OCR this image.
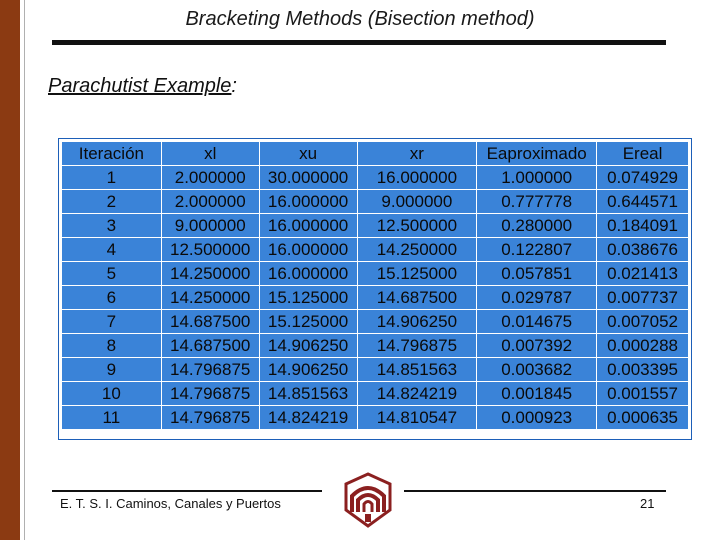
Bracketing Methods (Bisection method)
Parachutist Example:
Iteración	xl	xu	xr	Eaproximado	Ereal
1	2.000000	30.000000	16.000000	1.000000	0.074929
2	2.000000	16.000000	9.000000	0.777778	0.644571
3	9.000000	16.000000	12.500000	0.280000	0.184091
4	12.500000	16.000000	14.250000	0.122807	0.038676
5	14.250000	16.000000	15.125000	0.057851	0.021413
6	14.250000	15.125000	14.687500	0.029787	0.007737
7	14.687500	15.125000	14.906250	0.014675	0.007052
8	14.687500	14.906250	14.796875	0.007392	0.000288
9	14.796875	14.906250	14.851563	0.003682	0.003395
10	14.796875	14.851563	14.824219	0.001845	0.001557
11	14.796875	14.824219	14.810547	0.000923	0.000635
E. T. S. I. Caminos, Canales y Puertos	21
